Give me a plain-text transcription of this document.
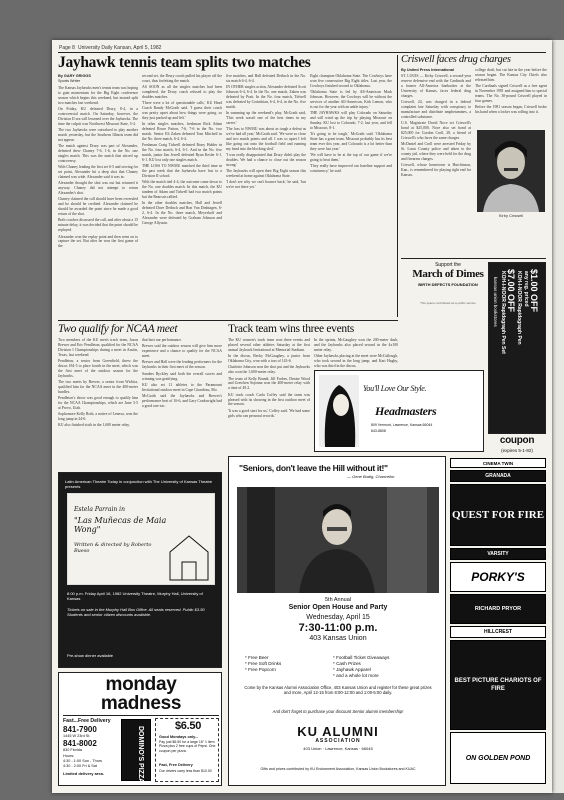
Page 8 University Daily Kansan, April 5, 1982
Jayhawk tennis team splits two matches
By GARY GRIGGS
Sports Writer

The Kansas Jayhawks men's tennis team was hoping to gain momentum for the Big Eight conference season which begins this weekend, but instead split two matches last weekend.

On Friday, KU defeated Drury, 8-4, in a controversial match. On Saturday, however, the Division II sea will lessened over the Jayhawks. The time the culprit was Northwest Missouri State, 5-4.

The two Jayhawks were outvalued to play another match yesterday, but the Southern Illinois team did not appear.

The match against Drury was part of Alexander, defeated drew Chaney 7-6, 1-6, in the No. one singles match. This was the match that stirred up controversy.

With Chaney leading the first set 6-5 and serving for set point, Alexander hit a deep shot that Chaney claimed was wide. Alexander said it was in.

Alexander thought the shot was out but returned it anyway. Chaney did not attempt to return Alexander's shot.

Chaney claimed the call should have been overruled and he should be credited. Alexander claimed he should be awarded the point since he made a good return of the shot.

Both coaches discussed the call, and after about a 15 minute delay, it was decided that the point should be replayed.

Alexander won the replay point and then went on to capture the set. But after he won the first game of the

second set, the Drury coach pulled his player off the court, thus forfeiting the match.

AS SOON as all the singles matches had been completed, the Drury coach refused to play the doubles matches.

'There were a lot of questionable calls,' KU Head Coach Randy McGrath said. 'I guess their coach was pretty upset about how things were going, so they just packed up and left.'

In other singles matches, freshman Rick Adam defeated Bruce Patton, 7-6, 7-6 in the No. two match. Senior Eli Zaken defeated Tom Mitchell in the No. three match, 6-4, 6-4.

Freshman Craig Tidwell defeated Barry Hubler in the No. four match, 6-4, 6-1. And in the No. five match, junior Jim Jerrell defeated Ryan Kesler 6-1, 6-1. KU lost only one singles match.

THE LOSS TO NWMU matched the third time in the past week that the Jayhawks have lost to a Division II school.

With the match tied 4-4, the outcome came down to the No. one doubles match. In this match, the KU tandem of Adam and Tidwell had two match points but the Bearcats rallied.

In the other doubles matches, Hall and Jerrell defeated Dave Deibsch and Ron Van Dinbiagen, 6-2, 6-4. In the No. three match, Meyerhoff and Alexander were defeated by Graham Johnson and George Allyusin.

five matches, and Hall defeated Deibsch in the No. six match 6-4, 6-4.

IN OTHER singles action, Alexander defeated Scott Johnson 6-4, 6-4. In the No. one match, Zaken was defeated by Pratt. In the No. four match, Tidwell was defeated by Corinthian, 6-4, 6-4, in the No. five match.

In summing up the weekend's play, McGrath said, 'This week wasn't one of the best times in my career.'

'The loss to NWMU was about as tough a defeat as we've had all year,' McGrath said. 'We were so close and two match points and all. I was so upset I felt like going out onto the football field and running my head into the blocking sled.'

'I was really disappointed that Drury didn't play the doubles. We had a chance to close out the season strong.'

The Jayhawks will open their Big Eight season this weekend at home against Oklahoma State.

'I don't see why we can't bounce back,' he said, 'but we're not there yet.'

Eight champion Oklahoma State. The Cowboys have won five consecutive Big Eight titles. Last year, the Cowboys finished second to Oklahoma.

'Oklahoma State is led by All-American Mark Johnson. However, the Cowboys will be without the services of another All-American, Kirk Lemon, who is out for the year with an ankle injury.'

THE JAYHAWKS will play Colorado on Saturday and will wind up the trip by playing Missouri on Sunday. KU lost to Colorado, 7-2, last year, and fell to Missouri, 8-1.

'It's going to be tough,' McGrath said. 'Oklahoma State has a great team. Missouri probably has its best team ever this year, and Colorado is a lot better than they were last year.'

'We will have to be at the top of our game if we're going to beat them.'

'They really have improved our baseline support and consistency,' he said.

Criswell faces drug charges
By United Press International

ST. LOUIS — Kirby Criswell, a second-year reserve defensive end with the Cardinals and a former All-America linebacker at the University of Kansas, faces federal drug charges.

Criswell, 24, was charged in a federal complaint late Saturday with conspiracy to manufacture and distribute amphetamines, a controlled substance.

U.S. Magistrate David Noce set Criswell's bond at $25,000. Noce also set bond at $25,000 for Gordon Croll, 28, a friend of Criswell's who faces the same charges.

McDaniel and Croll were arrested Friday by St. Louis County police and taken to the county jail, where they were held for the drug and firearms charges.

Criswell, whose hometown is Hutchinson, Kan., is remembered for playing tight end for Kansas.

college draft, but cut late in the year before the season began. The Kansas City Chiefs also released him.

The Cardinals signed Criswell as a free agent in November 1981 and assigned him to special teams. The No. 30-pound Criswell played in four games.

Before the 1981 season began, Criswell broke his hand when a locker was rolling into it.

Kirby Criswell
Support the
March of Dimes
BIRTH DEFECTS FOUNDATION
This space contributed as a public service	$1.00 OFF
any reg. priced
KOH-I-NOOR Rapidograph Pen
$7.00 OFF
KOH-I-NOOR Rapidograph Pen Set
kansas union bookstores
coupon
(expires 5-1-82)
Two qualify for NCAA meet

Two members of the KU men's track team, Jason Brewer and Eric Pendleton, qualified for the NCAA Division I Championships during a meet in Austin, Texas, last weekend.

Pendleton, a senior from Greenfield, threw the discus 184-5 to place fourth in the meet, which was the first meet of the outdoor season for the Jayhawks.

The two meets by Brewer, a senior from Wichita, qualified him for the NCAA meet in the 400-meter hurdles.

Pendleton's throw was good enough to qualify him for the NCAA Championships, which are June 3-5 at Provo, Utah.

Sophomore Kelly Roth, a native of Lenexa, won the long jump in 24-6.

KU also finished sixth in the 1,600 meter relay.

that hurt our performance.

Brewer said the outdoor season will give him more experience and a chance to qualify for the NCAA meet.

Brewer and Hall were the leading performers for the Jayhawks in their first meet of the season.

Sanders Ryckley said both the overall scores and winning was gratifying.

KU also set 11 athletes to the Paramount Invitational outdoor meet in Cape Girardeau, Mo.

McGrath said the Jayhawks and Brewer's performance best of 16-6, and Gary Conkwright had a good one too.

Track team wins three events

The KU women's track team won three events and placed several other athletes Saturday at the first annual Jayhawk Invitational at Memorial Stadium.

In the discus, Becky McGaughey, a junior from Oklahoma City, won with a toss of 143-6.

Charlotte Johnson won the shot put and the Jayhawks also won the 1,600-meter relay.

The team of Kelly Brandt, Jill Forbes, Denise Wood and Gretchen Sojonna won the 400-meter relay with a time of 49.2.

KU track coach Carla Coffey said the team was pleased with its showing in the first outdoor meet of the season.

'It was a good start for us,' Coffey said. 'We had some girls who ran personal records.'

In the sprints, McGaughey won the 200-meter dash, and the Jayhawks also placed second in the 4x100 meter relay.

Other Jayhawks placing at the meet were McCullough, who took second in the long jump, and Kari Hagby, who was third in the discus.

You'll Love Our Style.
Headmasters
809 Vermont, Lawrence, Kansas 66044
843-8808
Latin American Theatre Today in conjunction with The University of Kansas Theatre presents
Estela Parrain in
"Las Muñecas de Maia Wong"
Written & directed by Roberto Bueso
8:00 p.m. Friday April 16, 1982 University Theatre, Murphy Hall, University of Kansas
Tickets on sale in the Murphy Hall Box Office. All seats reserved. Public $3.50 Students and senior citizen discounts available.
Pre-show dinner available
"Seniors, don't leave the Hill without it!"
— Gene Budig, Chancellor
5th Annual
Senior Open House and Party
Wednesday, April 15
7:30-11:00 p.m.
403 Kansas Union

* Free Beer

* Free Soft Drinks

* Free Popcorn

* Football Ticket Giveaways
* Cash Prizes
* Jayhawk Apparel
* and a whole lot more
Come by the Kansas Alumni Association Office, 403 Kansas Union and register for these great prizes and more, April 12-15 from 8:00-12:00 and 1:00-5:00 daily.
And don't forget to purchase your discount Senior alumni membership!
KU ALUMNI
ASSOCIATION
403 Union · Lawrence, Kansas · 66045
Gifts and prizes contributed by KU Endowment Association, Kansas Union Bookstores and KUAC
monday
madness
Fast...Free Delivery
841-7900
1445 W 23rd St.
841-8002
830 Florida
Hours:
4:30 - 1:00 Sun - Thurs
4:30 - 2:00 Fri & Sat
Limited delivery area.	DOMINO'S PIZZA	$6.50
Good Mondays only...
Pay just $6.50 for a large 16" 1 item Pizza plus 2 free cups of Pepsi. One coupon per pizza.
Fast, Free Delivery
Our drivers carry less than $10.00
CINEMA TWIN
GRANADA
QUEST FOR FIRE
VARSITY
PORKY'S
RICHARD PRYOR
HILLCREST
BEST PICTURE CHARIOTS OF FIRE
ON GOLDEN POND
